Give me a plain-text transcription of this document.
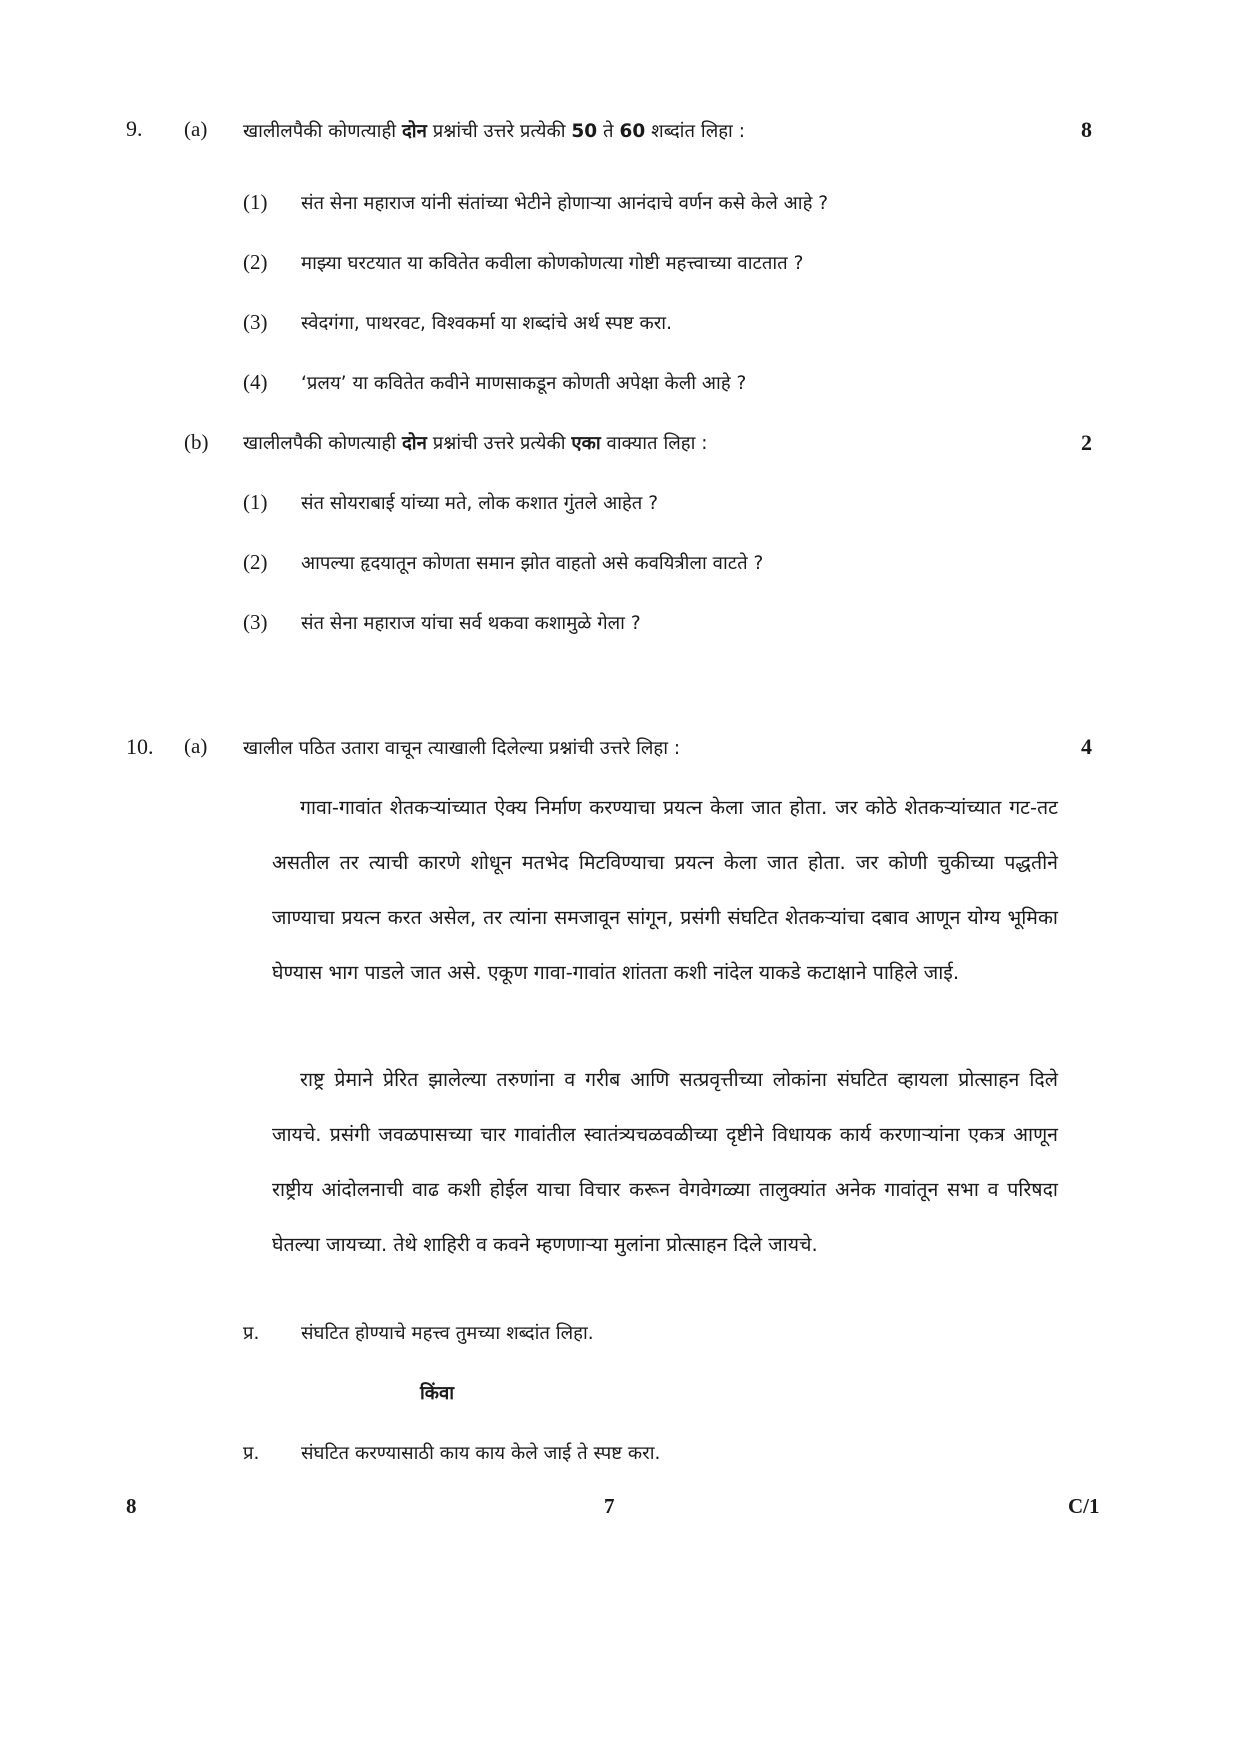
9. (a) खालीलपैकी कोणत्याही दोन प्रश्नांची उत्तरे प्रत्येकी 50 ते 60 शब्दांत लिहा :	8
(1) संत सेना महाराज यांनी संतांच्या भेटीने होणाऱ्या आनंदाचे वर्णन कसे केले आहे ?
(2) माझ्या घरटयात या कवितेत कवीला कोणकोणत्या गोष्टी महत्त्वाच्या वाटतात ?
(3) स्वेदगंगा, पाथरवट, विश्वकर्मा या शब्दांचे अर्थ स्पष्ट करा.
(4) ‘प्रलय’ या कवितेत कवीने माणसाकडून कोणती अपेक्षा केली आहे ?
(b) खालीलपैकी कोणत्याही दोन प्रश्नांची उत्तरे प्रत्येकी एका वाक्यात लिहा :	2
(1) संत सोयराबाई यांच्या मते, लोक कशात गुंतले आहेत ?
(2) आपल्या हृदयातून कोणता समान झोत वाहतो असे कवयित्रीला वाटते ?
(3) संत सेना महाराज यांचा सर्व थकवा कशामुळे गेला ?
10. (a) खालील पठित उतारा वाचून त्याखाली दिलेल्या प्रश्नांची उत्तरे लिहा :	4
गावा-गावांत शेतकऱ्यांच्यात ऐक्य निर्माण करण्याचा प्रयत्न केला जात होता. जर कोठे शेतकऱ्यांच्यात गट-तट असतील तर त्याची कारणे शोधून मतभेद मिटविण्याचा प्रयत्न केला जात होता. जर कोणी चुकीच्या पद्धतीने जाण्याचा प्रयत्न करत असेल, तर त्यांना समजावून सांगून, प्रसंगी संघटित शेतकऱ्यांचा दबाव आणून योग्य भूमिका घेण्यास भाग पाडले जात असे. एकूण गावा-गावांत शांतता कशी नांदेल याकडे कटाक्षाने पाहिले जाई.
राष्ट्र प्रेमाने प्रेरित झालेल्या तरुणांना व गरीब आणि सत्प्रवृत्तीच्या लोकांना संघटित व्हायला प्रोत्साहन दिले जायचे. प्रसंगी जवळपासच्या चार गावांतील स्वातंत्र्यचळवळीच्या दृष्टीने विधायक कार्य करणाऱ्यांना एकत्र आणून राष्ट्रीय आंदोलनाची वाढ कशी होईल याचा विचार करून वेगवेगळ्या तालुक्यांत अनेक गावांतून सभा व परिषदा घेतल्या जायच्या. तेथे शाहिरी व कवने म्हणणाऱ्या मुलांना प्रोत्साहन दिले जायचे.
प्र. संघटित होण्याचे महत्त्व तुमच्या शब्दांत लिहा.
किंवा
प्र. संघटित करण्यासाठी काय काय केले जाई ते स्पष्ट करा.
8	7	C/1
